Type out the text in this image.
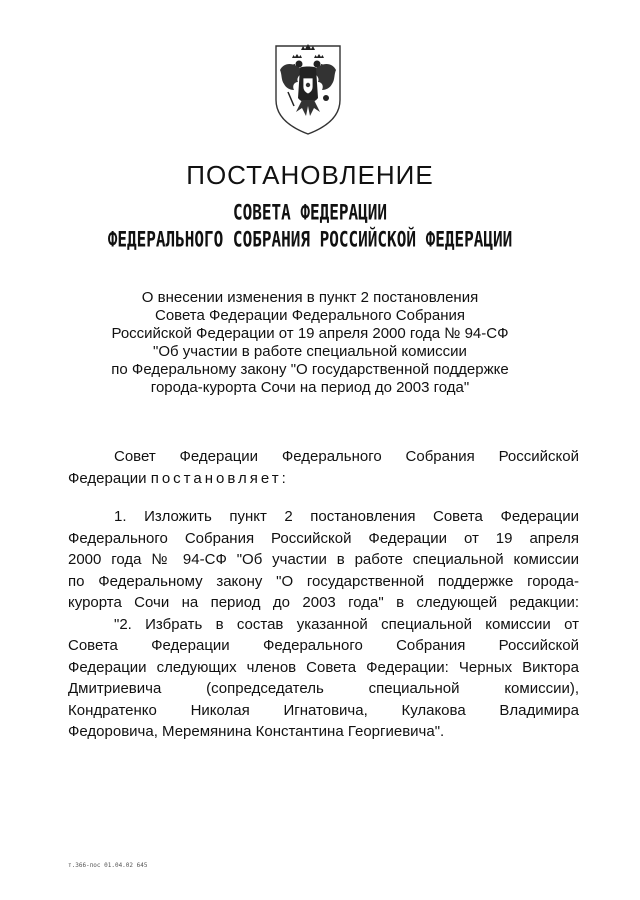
ПОСТАНОВЛЕНИЕ
СОВЕТА ФЕДЕРАЦИИ
ФЕДЕРАЛЬНОГО СОБРАНИЯ РОССИЙСКОЙ ФЕДЕРАЦИИ
О внесении изменения в пункт 2 постановления
Совета Федерации Федерального Собрания
Российской Федерации от 19 апреля 2000 года № 94-СФ
"Об участии в работе специальной комиссии
по Федеральному закону "О государственной поддержке
города-курорта Сочи на период до 2003 года"
Совет Федерации Федерального Собрания Российской
Федерации постановляет:
1. Изложить пункт 2 постановления Совета Федерации
Федерального Собрания Российской Федерации от 19 апреля
2000 года № 94-СФ "Об участии в работе специальной комиссии
по Федеральному закону "О государственной поддержке города-
курорта Сочи на период до 2003 года" в следующей редакции:
"2. Избрать в состав указанной специальной комиссии от
Совета Федерации Федерального Собрания Российской
Федерации следующих членов Совета Федерации: Черных Виктора
Дмитриевича (сопредседатель специальной комиссии),
Кондратенко Николая Игнатовича, Кулакова Владимира
Федоровича, Меремянина Константина Георгиевича".
т.366-пос 01.04.02 645
